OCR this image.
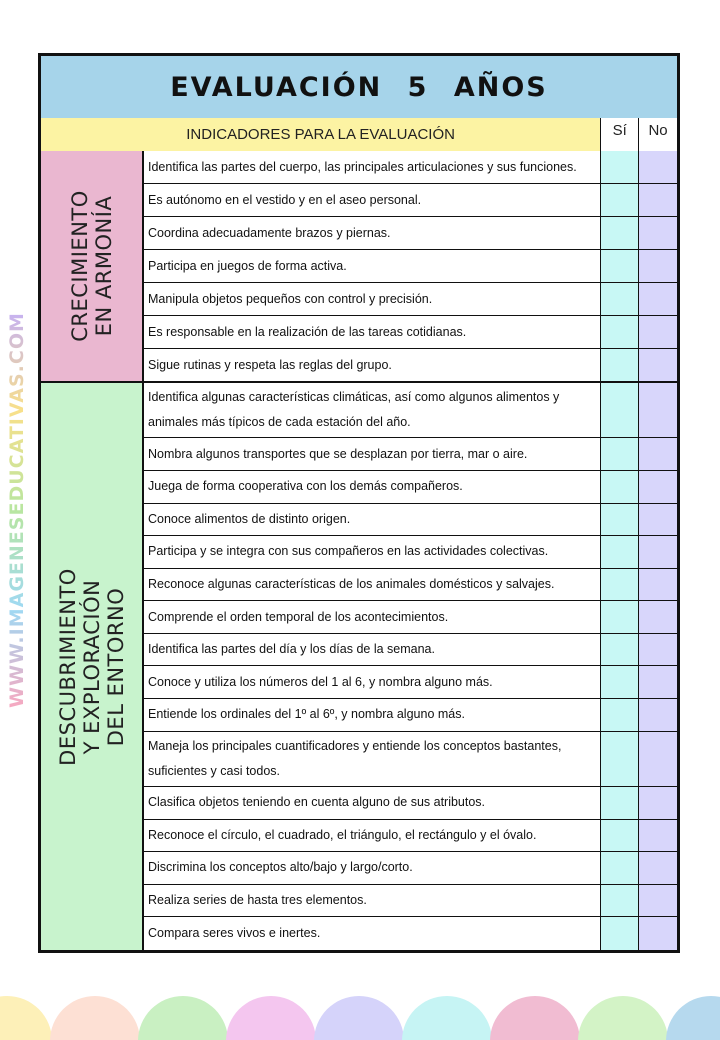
WWW.IMAGENESEDUCATIVAS.COM
EVALUACIÓN 5 AÑOS
INDICADORES PARA LA EVALUACIÓN	Sí	No
CRECIMIENTO EN ARMONÍA
Identifica las partes del cuerpo, las principales articulaciones y sus funciones.
Es autónomo en el vestido y en el aseo personal.
Coordina adecuadamente brazos y piernas.
Participa en juegos de forma activa.
Manipula objetos pequeños con control y precisión.
Es responsable en la realización de las tareas cotidianas.
Sigue rutinas y respeta las reglas del grupo.
DESCUBRIMIENTO Y EXPLORACIÓN DEL ENTORNO
Identifica algunas características climáticas, así como algunos alimentos y animales más típicos de cada estación del año.
Nombra algunos transportes que se desplazan por tierra, mar o aire.
Juega de forma cooperativa con los demás compañeros.
Conoce alimentos de distinto origen.
Participa y se integra con sus compañeros en las actividades colectivas.
Reconoce algunas características de los animales domésticos y salvajes.
Comprende el orden temporal de los acontecimientos.
Identifica las partes del día y los días de la semana.
Conoce y utiliza los números del 1 al 6, y nombra alguno más.
Entiende los ordinales del 1º al 6º, y nombra alguno más.
Maneja los principales cuantificadores y entiende los conceptos bastantes, suficientes y casi todos.
Clasifica objetos teniendo en cuenta alguno de sus atributos.
Reconoce el círculo, el cuadrado, el triángulo, el rectángulo y el óvalo.
Discrimina los conceptos alto/bajo y largo/corto.
Realiza series de hasta tres elementos.
Compara seres vivos e inertes.
